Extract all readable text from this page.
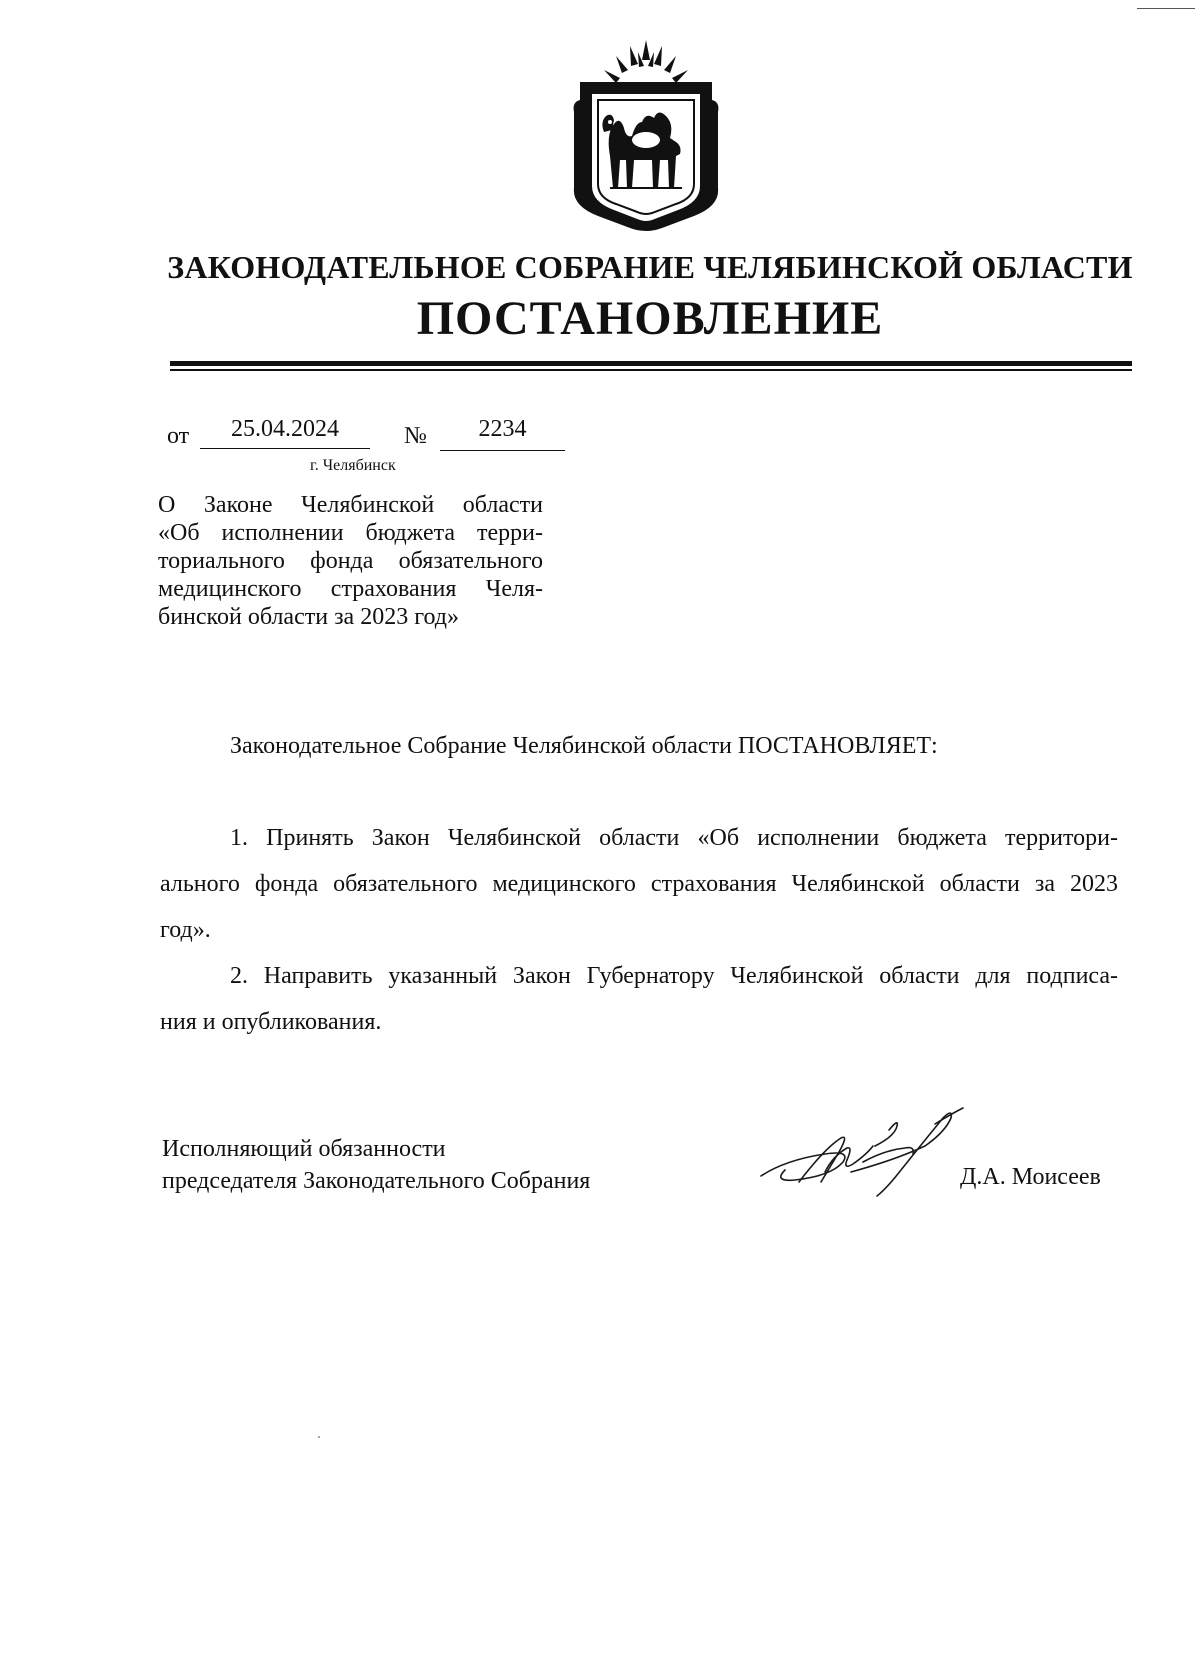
ЗАКОНОДАТЕЛЬНОЕ СОБРАНИЕ ЧЕЛЯБИНСКОЙ ОБЛАСТИ
ПОСТАНОВЛЕНИЕ
от	25.04.2024	№	2234
г. Челябинск
О Законе Челябинской области
«Об исполнении бюджета терри-
ториального фонда обязательного
медицинского страхования Челя-
бинской области за 2023 год»
Законодательное Собрание Челябинской области ПОСТАНОВЛЯЕТ:
1. Принять Закон Челябинской области «Об исполнении бюджета территори-
ального фонда обязательного медицинского страхования Челябинской области за 2023
год».
2. Направить указанный Закон Губернатору Челябинской области для подписа-
ния и опубликования.
Исполняющий обязанности
председателя Законодательного Собрания	Д.А. Моисеев
